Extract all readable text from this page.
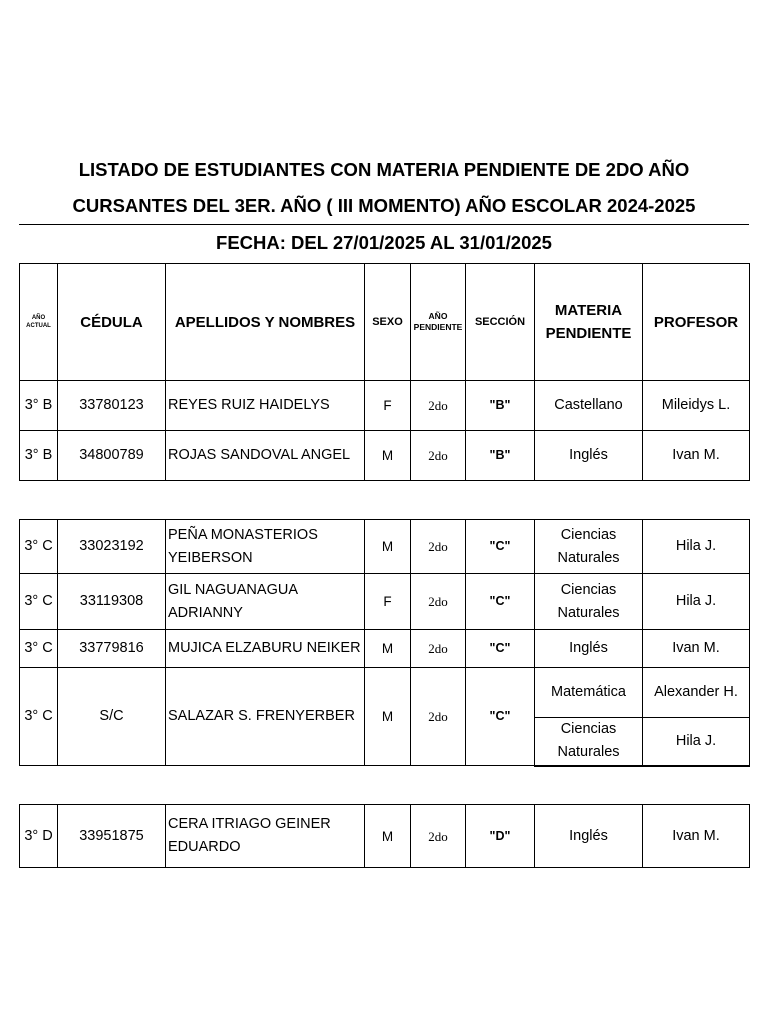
LISTADO DE ESTUDIANTES CON MATERIA PENDIENTE DE 2DO AÑO
CURSANTES DEL 3ER. AÑO ( III MOMENTO) AÑO ESCOLAR 2024-2025
FECHA: DEL 27/01/2025 AL 31/01/2025
AÑO ACTUAL	CÉDULA	APELLIDOS Y NOMBRES	SEXO	AÑO PENDIENTE	SECCIÓN	MATERIA PENDIENTE	PROFESOR
3° B	33780123	REYES RUIZ HAIDELYS	F	2do	"B"	Castellano	Mileidys L.
3° B	34800789	ROJAS SANDOVAL ANGEL	M	2do	"B"	Inglés	Ivan M.
3° C	33023192	PEÑA MONASTERIOS YEIBERSON	M	2do	"C"	Ciencias Naturales	Hila J.
3° C	33119308	GIL NAGUANAGUA ADRIANNY	F	2do	"C"	Ciencias Naturales	Hila J.
3° C	33779816	MUJICA ELZABURU NEIKER	M	2do	"C"	Inglés	Ivan M.
3° C	S/C	SALAZAR S. FRENYERBER	M	2do	"C"	Matemática	Alexander H.
						Ciencias Naturales	Hila J.
3° D	33951875	CERA ITRIAGO GEINER EDUARDO	M	2do	"D"	Inglés	Ivan M.
